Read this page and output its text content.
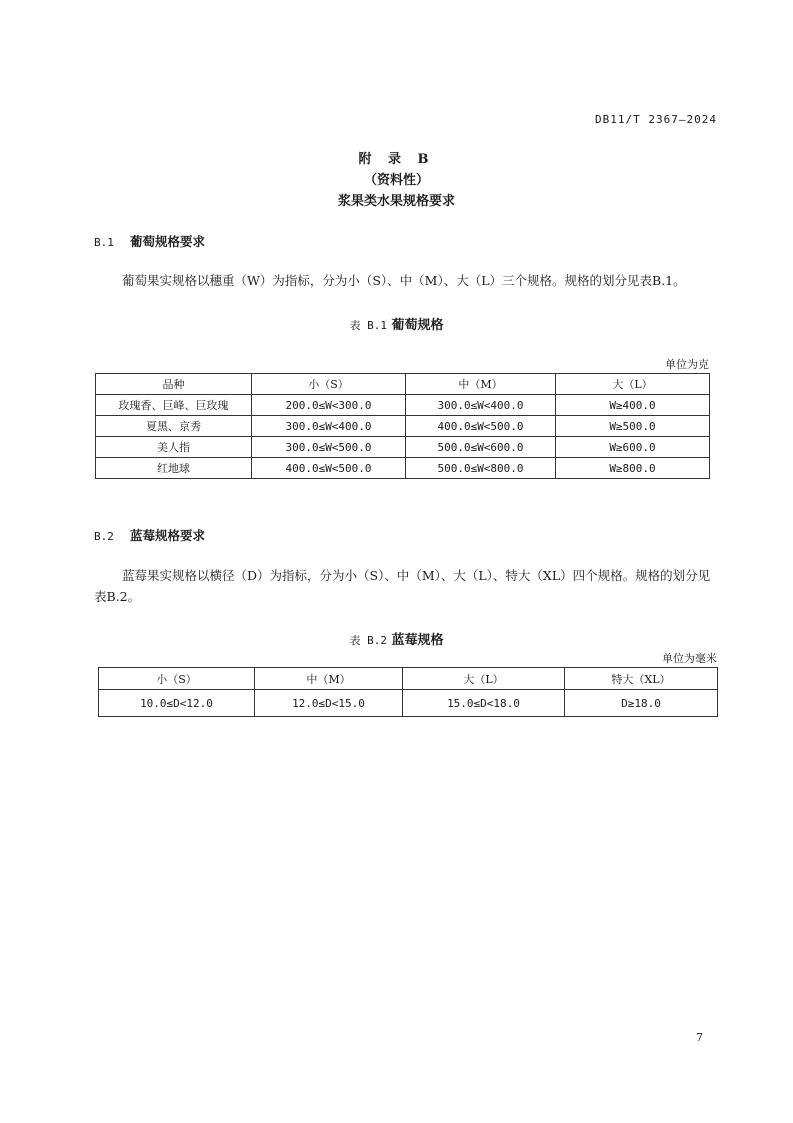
DB11/T 2367—2024
附 录 B
（资料性）
浆果类水果规格要求
B.1 葡萄规格要求
葡萄果实规格以穗重（W）为指标，分为小（S）、中（M）、大（L）三个规格。规格的划分见表B.1。
表 B.1 葡萄规格
单位为克
品种	小（S）	中（M）	大（L）
玫瑰香、巨峰、巨玫瑰	200.0≤W<300.0	300.0≤W<400.0	W≥400.0
夏黑、京秀	300.0≤W<400.0	400.0≤W<500.0	W≥500.0
美人指	300.0≤W<500.0	500.0≤W<600.0	W≥600.0
红地球	400.0≤W<500.0	500.0≤W<800.0	W≥800.0
B.2 蓝莓规格要求
蓝莓果实规格以横径（D）为指标，分为小（S）、中（M）、大（L）、特大（XL）四个规格。规格的划分见表B.2。
表 B.2 蓝莓规格
单位为毫米
小（S）	中（M）	大（L）	特大（XL）
10.0≤D<12.0	12.0≤D<15.0	15.0≤D<18.0	D≥18.0
7
